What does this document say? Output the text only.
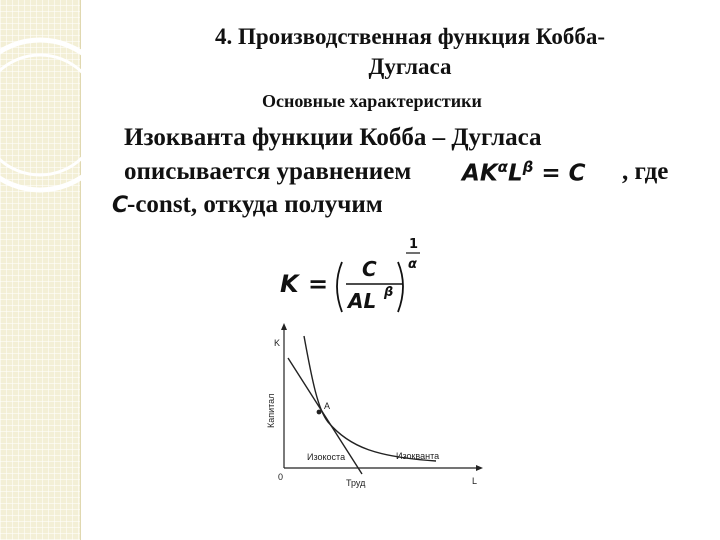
4. Производственная функция Кобба-
Дугласа
Основные характеристики
Изокванта функции Кобба – Дугласа
описывается уравнением $AK^\alpha L^\beta = C$ , где
C
-const, откуда получим
K =
C
AL β
1
α
K
Капитал
L
Труд
0
A
Изокоста	Изокванта
